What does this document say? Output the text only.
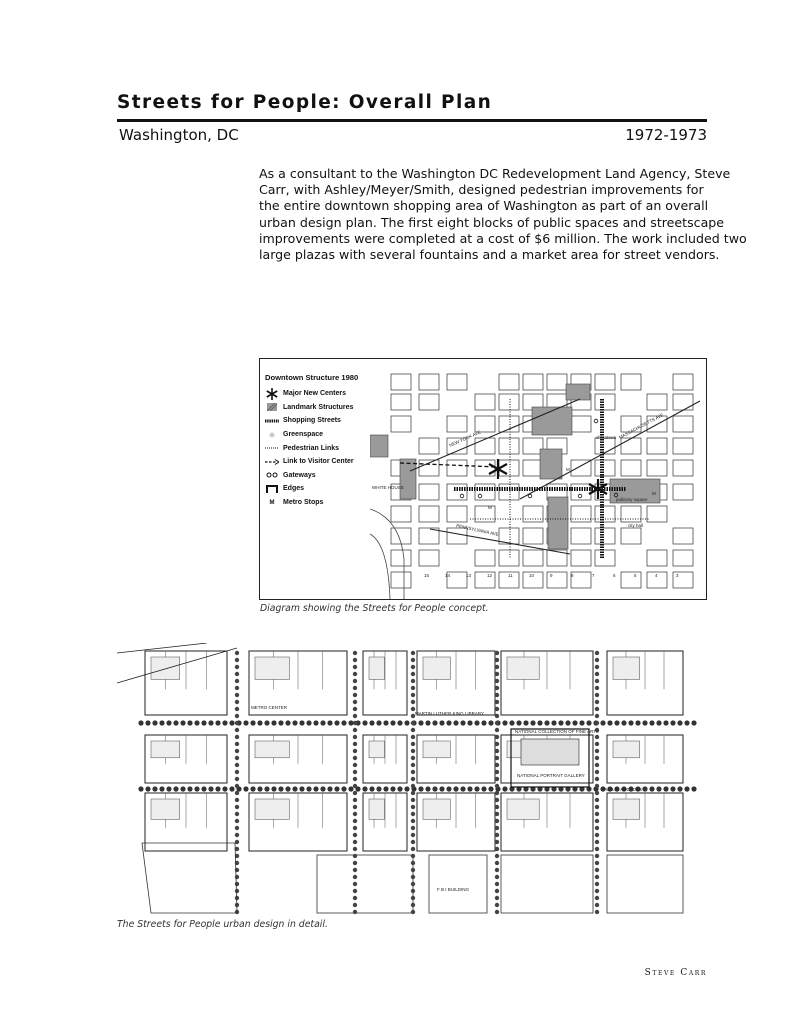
Streets for People: Overall Plan
Washington, DC	1972-1973

As a consultant to the Washington DC Redevelopment Land Agency, Steve
Carr, with Ashley/Meyer/Smith, designed pedestrian improvements for
the entire downtown shopping area of Washington as part of an overall
urban design plan. The first eight blocks of public spaces and streetscape
improvements were completed at a cost of $6 million. The work included two
large plazas with several fountains and a market area for street vendors.

Downtown Structure 1980
Major New Centers
Landmark Structures
Shopping Streets
Greenspace
Pedestrian Links
Link to Visitor Center
Gateways
Edges
M	Metro Stops
NEW YORK AVE	MASSACHUSETTS AVE
PENNSYLVANIA AVE
WHITE HOUSE
chinatown
judiciary square
city hall
M
M
M
15	14	13	12	11	10	9	8	7	6	5	4	3
Diagram showing the Streets for People concept.
METRO CENTER
MARTIN LUTHER KING LIBRARY
NATIONAL COLLECTION OF FINE ARTS
NATIONAL PORTRAIT GALLERY
PUBLIC ARCADES
F B I BUILDING
The Streets for People urban design in detail.
Steve Carr
